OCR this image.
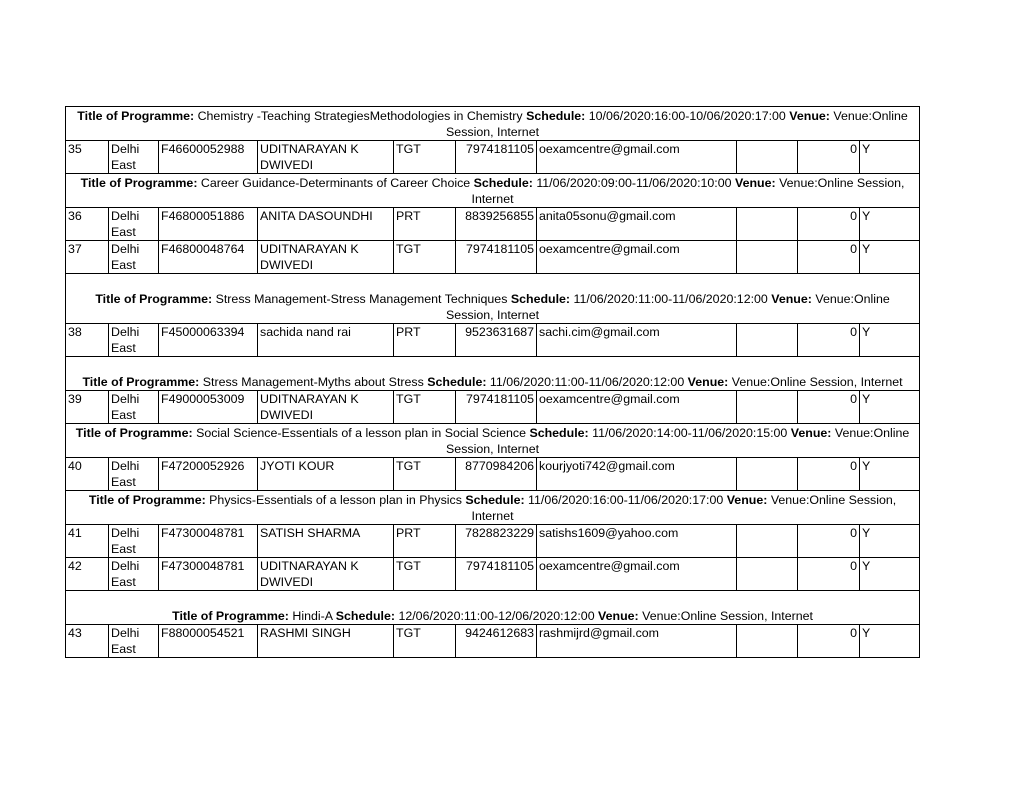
Title of Programme: Chemistry -Teaching StrategiesMethodologies in Chemistry Schedule: 10/06/2020:16:00-10/06/2020:17:00 Venue: Venue:Online Session, Internet									
35	Delhi East	F46600052988	UDITNARAYAN K DWIVEDI	TGT	7974181105	oexamcentre@gmail.com		0	Y
Title of Programme: Career Guidance-Determinants of Career Choice Schedule: 11/06/2020:09:00-11/06/2020:10:00 Venue: Venue:Online Session, Internet									
36	Delhi East	F46800051886	ANITA DASOUNDHI	PRT	8839256855	anita05sonu@gmail.com		0	Y
37	Delhi East	F46800048764	UDITNARAYAN K DWIVEDI	TGT	7974181105	oexamcentre@gmail.com		0	Y
Title of Programme: Stress Management-Stress Management Techniques Schedule: 11/06/2020:11:00-11/06/2020:12:00 Venue: Venue:Online Session, Internet									
38	Delhi East	F45000063394	sachida nand rai	PRT	9523631687	sachi.cim@gmail.com		0	Y
Title of Programme: Stress Management-Myths about Stress Schedule: 11/06/2020:11:00-11/06/2020:12:00 Venue: Venue:Online Session, Internet									
39	Delhi East	F49000053009	UDITNARAYAN K DWIVEDI	TGT	7974181105	oexamcentre@gmail.com		0	Y
Title of Programme: Social Science-Essentials of a lesson plan in Social Science Schedule: 11/06/2020:14:00-11/06/2020:15:00 Venue: Venue:Online Session, Internet									
40	Delhi East	F47200052926	JYOTI KOUR	TGT	8770984206	kourjyoti742@gmail.com		0	Y
Title of Programme: Physics-Essentials of a lesson plan in Physics Schedule: 11/06/2020:16:00-11/06/2020:17:00 Venue: Venue:Online Session, Internet									
41	Delhi East	F47300048781	SATISH SHARMA	PRT	7828823229	satishs1609@yahoo.com		0	Y
42	Delhi East	F47300048781	UDITNARAYAN K DWIVEDI	TGT	7974181105	oexamcentre@gmail.com		0	Y
Title of Programme: Hindi-A Schedule: 12/06/2020:11:00-12/06/2020:12:00 Venue: Venue:Online Session, Internet									
43	Delhi East	F88000054521	RASHMI SINGH	TGT	9424612683	rashmijrd@gmail.com		0	Y
